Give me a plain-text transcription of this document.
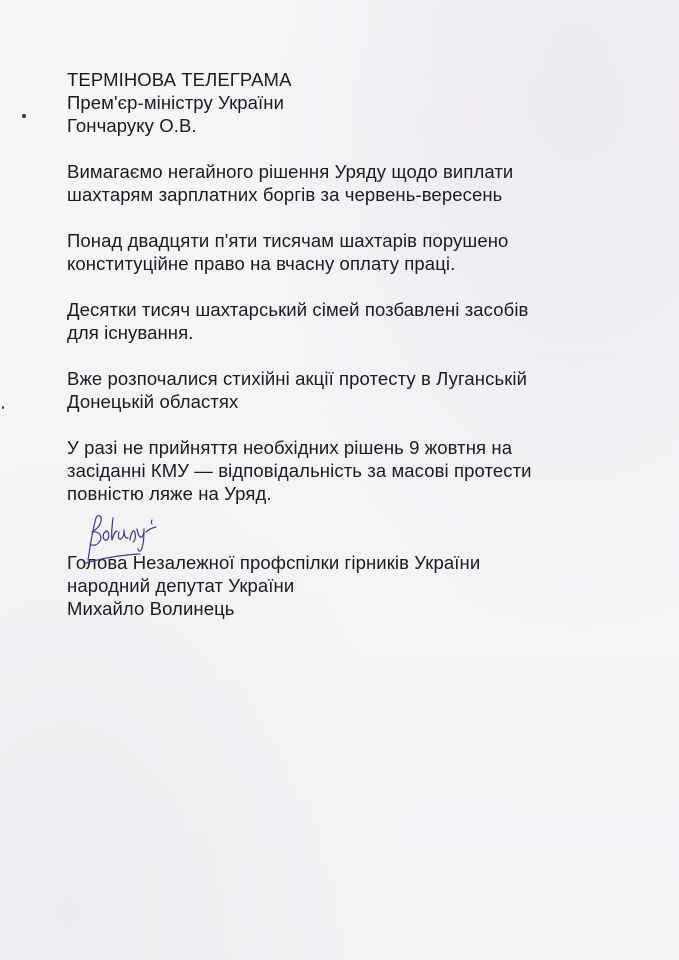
ТЕРМІНОВА ТЕЛЕГРАМА
Прем'єр-міністру України
Гончаруку О.В.
Вимагаємо негайного рішення Уряду щодо виплати
шахтарям зарплатних боргів за червень-вересень
Понад двадцяти п'яти тисячам шахтарів порушено
конституційне право на вчасну оплату праці.
Десятки тисяч шахтарський сімей позбавлені засобів
для існування.
Вже розпочалися стихійні акції протесту в Луганській
Донецькій областях
У разі не прийняття необхідних рішень 9 жовтня на
засіданні КМУ — відповідальність за масові протести
повністю ляже на Уряд.
Голова Незалежної профспілки гірників України
народний депутат України
Михайло Волинець
